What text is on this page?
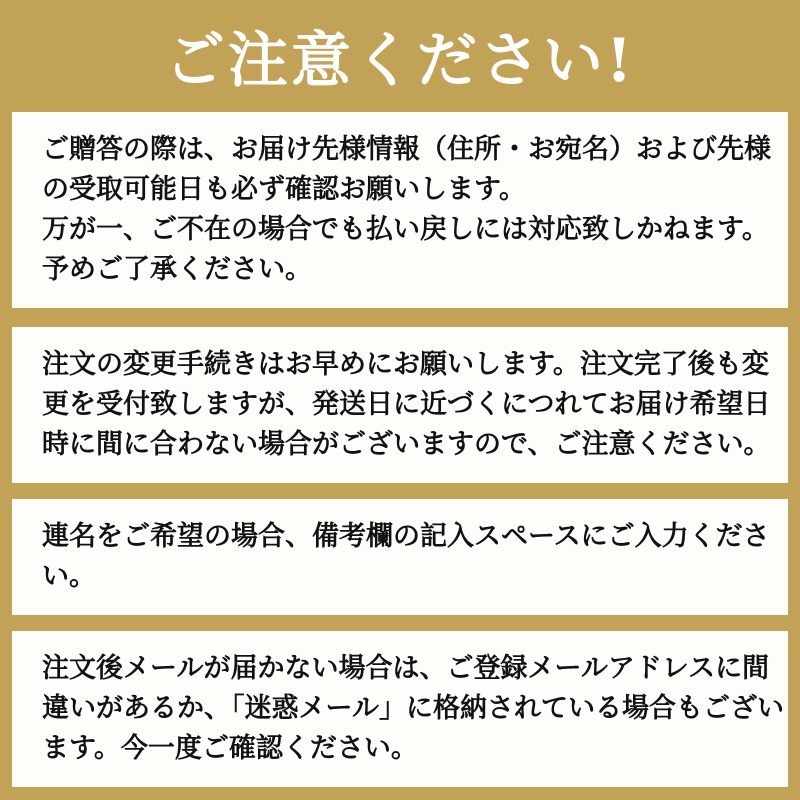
ご注意ください!
ご贈答の際は、お届け先様情報（住所・お宛名）および先様
の受取可能日も必ず確認お願いします。
万が一、ご不在の場合でも払い戻しには対応致しかねます。
予めご了承ください。
注文の変更手続きはお早めにお願いします。注文完了後も変
更を受付致しますが、発送日に近づくにつれてお届け希望日
時に間に合わない場合がございますので、ご注意ください。
連名をご希望の場合、備考欄の記入スペースにご入力くださ
い。
注文後メールが届かない場合は、ご登録メールアドレスに間
違いがあるか、「迷惑メール」に格納されている場合もござい
ます。今一度ご確認ください。
